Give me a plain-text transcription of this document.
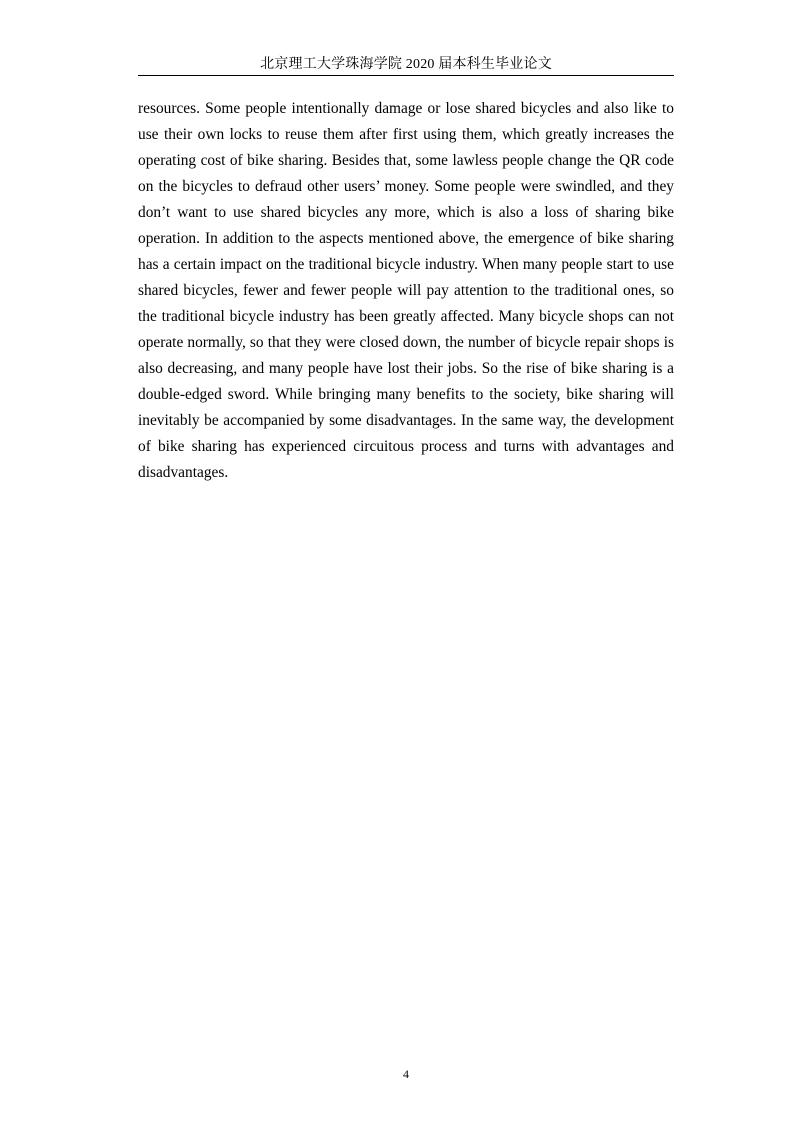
北京理工大学珠海学院 2020 届本科生毕业论文

resources. Some people intentionally damage or lose shared bicycles and also like to use their own locks to reuse them after first using them, which greatly increases the operating cost of bike sharing. Besides that, some lawless people change the QR code on the bicycles to defraud other users’ money. Some people were swindled, and they don’t want to use shared bicycles any more, which is also a loss of sharing bike operation. In addition to the aspects mentioned above, the emergence of bike sharing has a certain impact on the traditional bicycle industry. When many people start to use shared bicycles, fewer and fewer people will pay attention to the traditional ones, so the traditional bicycle industry has been greatly affected. Many bicycle shops can not operate normally, so that they were closed down, the number of bicycle repair shops is also decreasing, and many people have lost their jobs. So the rise of bike sharing is a double-edged sword. While bringing many benefits to the society, bike sharing will inevitably be accompanied by some disadvantages. In the same way, the development of bike sharing has experienced circuitous process and turns with advantages and disadvantages.

4
